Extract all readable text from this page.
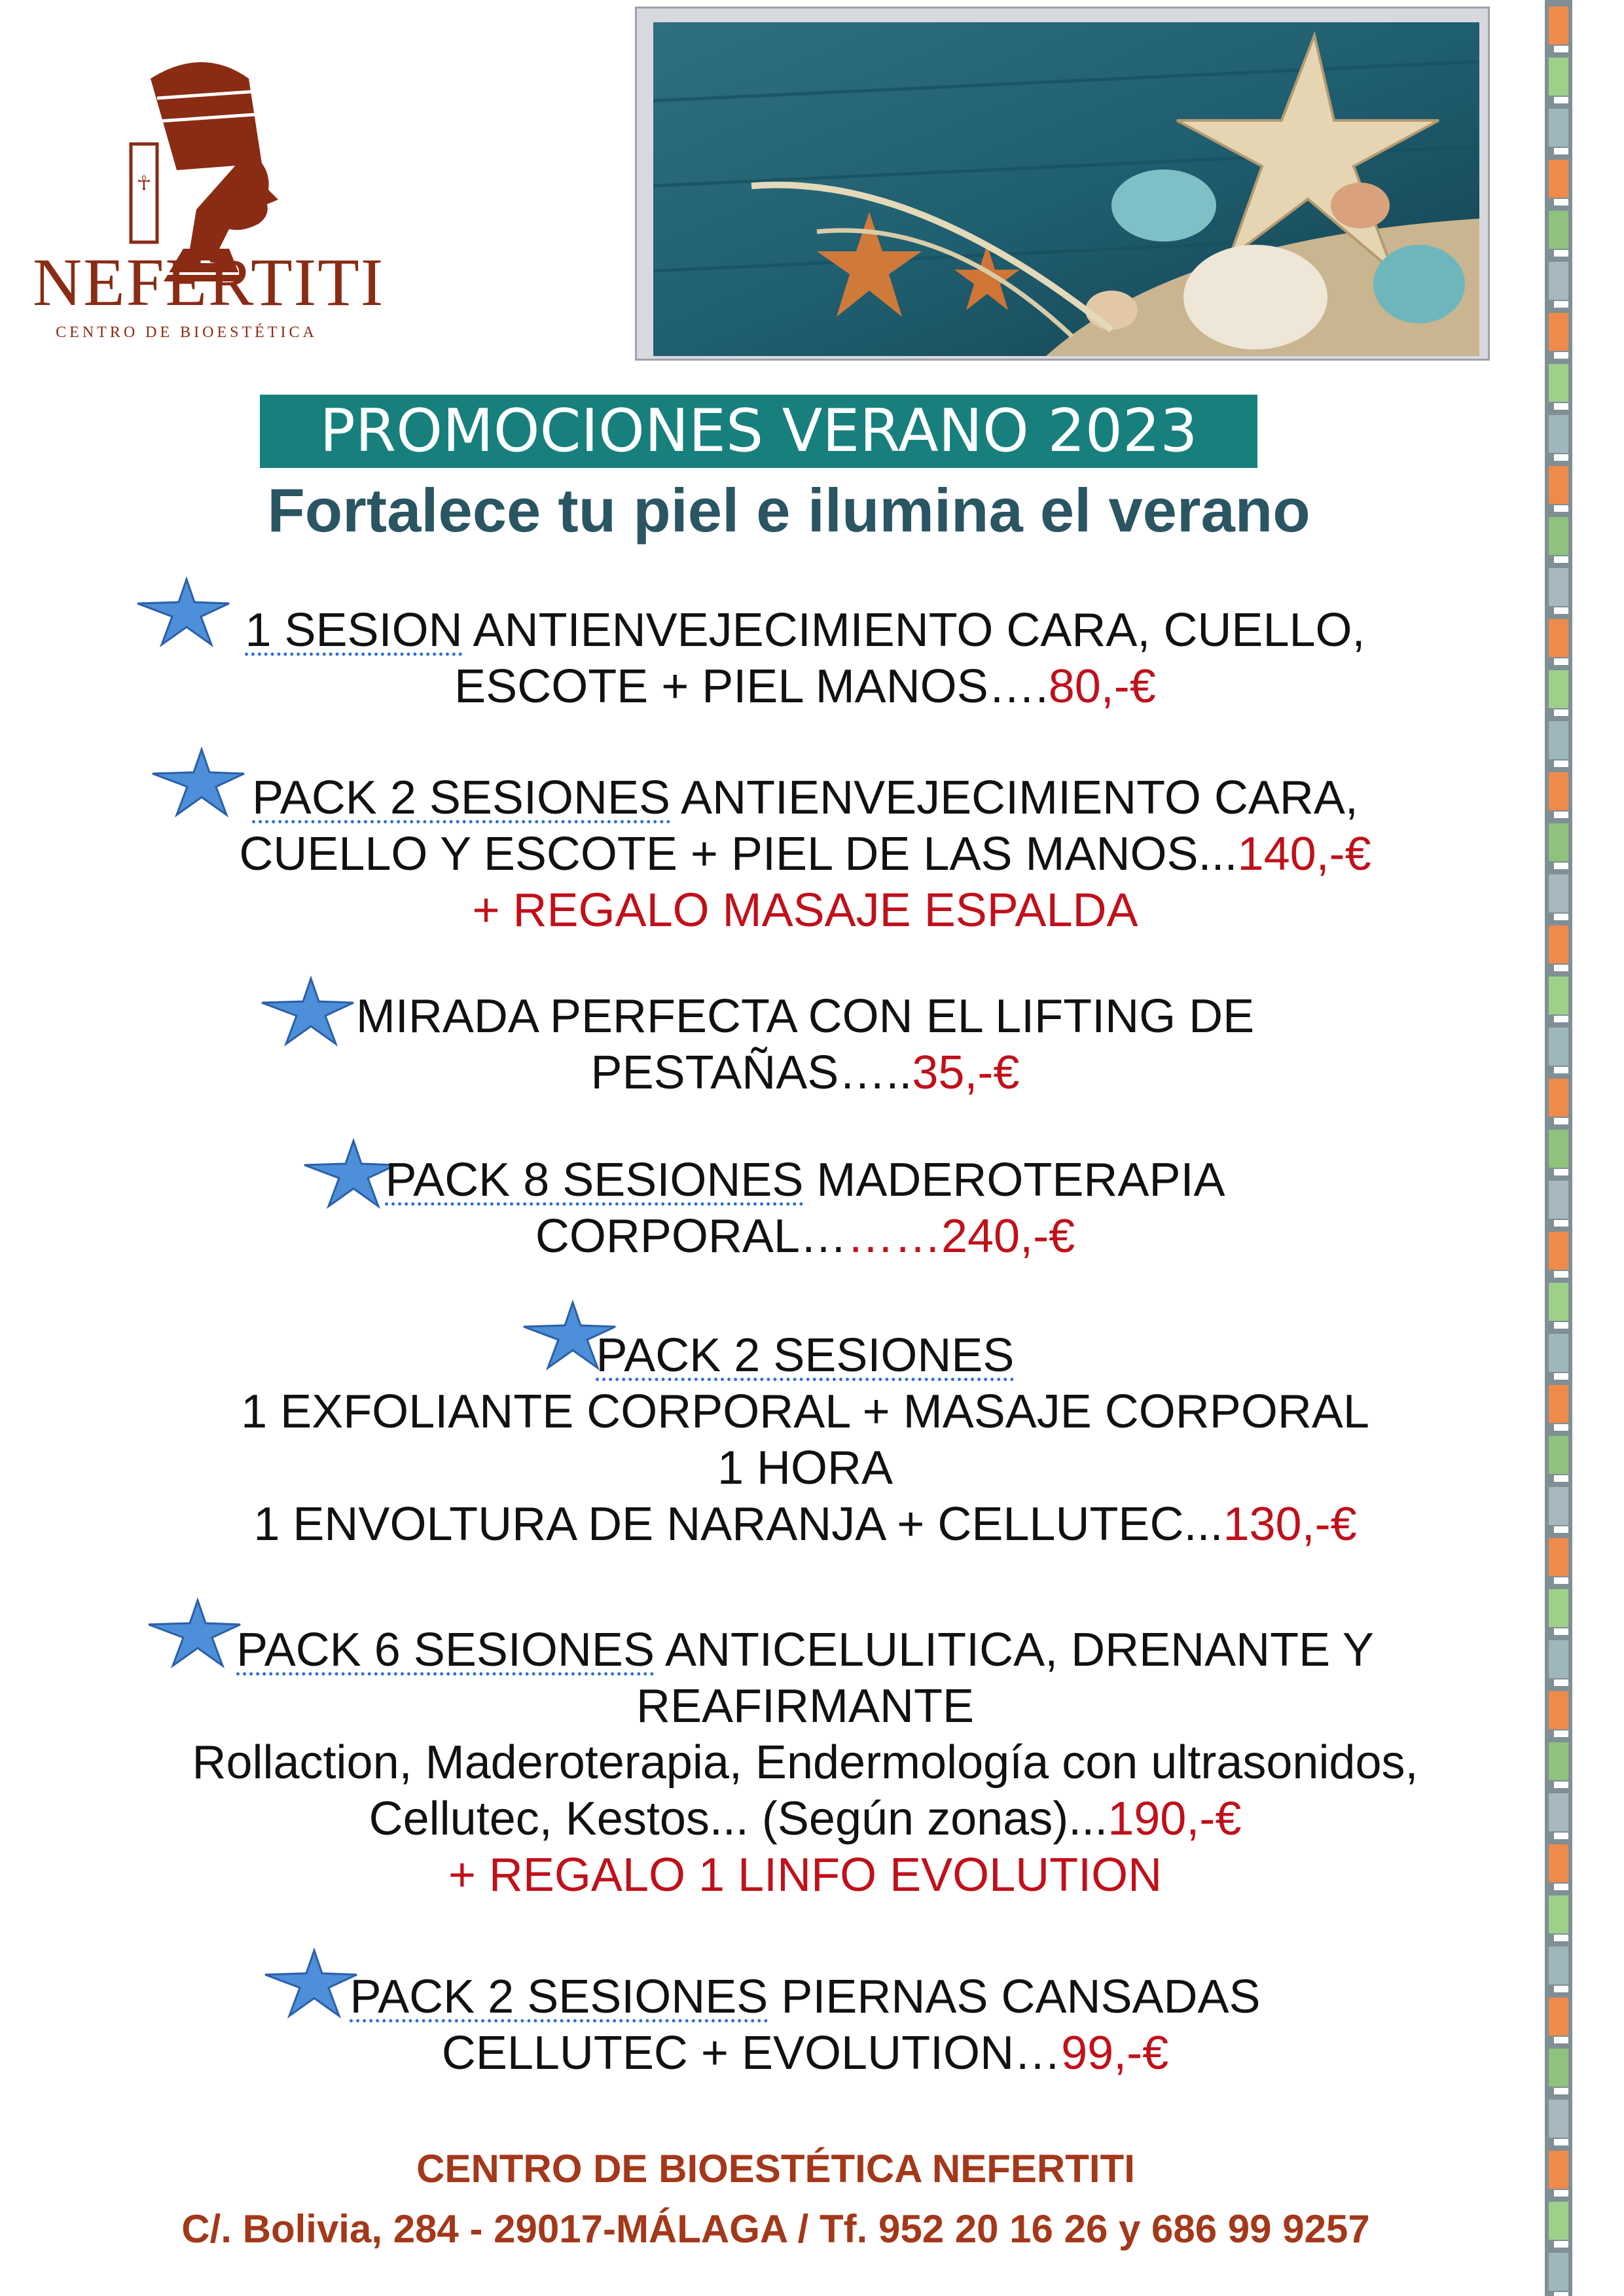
☥
NEFERTITI
CENTRO DE BIOESTÉTICA
PROMOCIONES VERANO 2023
Fortalece tu piel e ilumina el verano
1 SESION ANTIENVEJECIMIENTO CARA, CUELLO,
ESCOTE + PIEL MANOS….80,-€
PACK 2 SESIONES ANTIENVEJECIMIENTO CARA,
CUELLO Y ESCOTE + PIEL DE LAS MANOS...140,-€
+ REGALO MASAJE ESPALDA
MIRADA PERFECTA CON EL LIFTING DE
PESTAÑAS…..35,-€
PACK 8 SESIONES MADEROTERAPIA
CORPORAL………240,-€
PACK 2 SESIONES
1 EXFOLIANTE CORPORAL + MASAJE CORPORAL
1 HORA
1 ENVOLTURA DE NARANJA + CELLUTEC...130,-€
PACK 6 SESIONES ANTICELULITICA, DRENANTE Y
REAFIRMANTE
Rollaction, Maderoterapia, Endermología con ultrasonidos,
Cellutec, Kestos... (Según zonas)...190,-€
+ REGALO 1 LINFO EVOLUTION
PACK 2 SESIONES PIERNAS CANSADAS
CELLUTEC + EVOLUTION…99,-€
CENTRO DE BIOESTÉTICA NEFERTITI
C/. Bolivia, 284 - 29017-MÁLAGA / Tf. 952 20 16 26 y 686 99 9257
